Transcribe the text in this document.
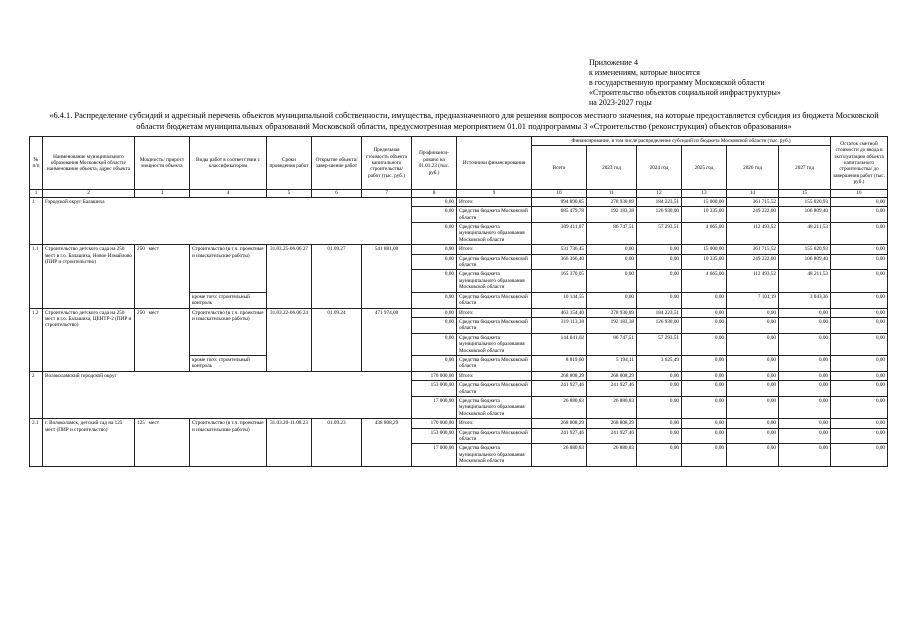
Приложение 4
к изменениям, которые вносятся
в государственную программу Московской области
«Строительство объектов социальной инфраструктуры»
на 2023-2027 годы
«6.4.1. Распределение субсидий и адресный перечень объектов муниципальной собственности, имущества, предназначенного для решения вопросов местного значения, на которые предоставляется субсидия из бюджета Московской области бюджетам муниципальных образований Московской области, предусмотренная мероприятием 01.01 подпрограммы 3 «Строительство (реконструкция) объектов образования»
№ п/п	Наименование муниципального образования Московской области/ наименование объекта, адрес объекта	Мощность/ прирост мощности объекта	Виды работ в соответствии с классификатором	Сроки проведения работ	Открытие объекта/завер-шение работ	Предельная стоимость объекта капитального строительства/ работ (тыс. руб.)	Профинанси-ровано на 01.01.23 (тыс. руб.)	Источники финансирования	Финансирование, в том числе распределение субсидий из бюджета Московской области (тыс. руб.)						Остаток сметной стоимости до ввода в эксплуатацию объекта капитального строительства/ до завершения работ (тыс. руб.)
									Всего	2023 год	2024 год	2025 год	2026 год	2027 год	
1	2	3	4	5	6	7	8	9	10	11	12	13	14	15	16
1	Городской округ Балашиха						0,00	Итого:	994 890,85	278 930,89	184 223,51	15 000,00	361 715,52	155 020,93	0,00
							0,00	Средства бюджета Московской области	685 479,78	192 183,38	126 930,00	10 335,00	249 222,00	106 809,40	0,00
							0,00	Средства бюджета муниципального образования Московской области	309 411,07	86 747,51	57 293,51	4 665,00	112 493,52	48 211,53	0,00
1.1	Строительство детского сада на 250 мест в г.о. Балашиха, Новое Измайлово (ПИР и строительство)	250 мест	Строительство (в т.ч. проектные и изыскательские работы)	31.03.25-06.06.27	01.09.27	541 881,00	0,00	Итого:	531 736,45	0,00	0,00	15 000,00	361 715,52	155 020,93	0,00
							0,00	Средства бюджета Московской области	366 366,40	0,00	0,00	10 335,00	249 222,00	106 809,40	0,00
							0,00	Средства бюджета муниципального образования Московской области	165 370,05	0,00	0,00	4 665,00	112 493,52	48 211,53	0,00
			кроме того: строительный контроль				0,00	Средства бюджета Московской области	10 144,55	0,00	0,00	0,00	7 101,19	3 043,36	0,00
1.2	Строительство детского сада на 250 мест в г.о. Балашиха, ЦЕНТР-2 (ПИР и строительство)	250 мест	Строительство (в т.ч. проектные и изыскательские работы)	31.03.22-06.06.24	01.09.24	471 974,00	0,00	Итого:	463 154,40	278 930,89	184 223,51	0,00	0,00	0,00	0,00
							0,00	Средства бюджета Московской области	319 113,38	192 183,38	126 930,00	0,00	0,00	0,00	0,00
							0,00	Средства бюджета муниципального образования Московской области	144 041,02	86 747,51	57 293,51	0,00	0,00	0,00	0,00
			кроме того: строительный контроль				0,00	Средства бюджета Московской области	8 819,60	5 194,11	3 625,49	0,00	0,00	0,00	0,00
2	Волоколамский городской округ						170 000,00	Итого:	268 808,29	268 808,29	0,00	0,00	0,00	0,00	0,00
							153 000,00	Средства бюджета Московской области	241 927,46	241 927,46	0,00	0,00	0,00	0,00	0,00
							17 000,00	Средства бюджета муниципального образования Московской области	26 880,83	26 880,83	0,00	0,00	0,00	0,00	0,00
2.1	г. Волоколамск, детский сад на 125 мест (ПИР и строительство)	125 мест	Строительство (в т.ч. проектные и изыскательские работы)	31.03.20-11.08.23	01.09.23	438 808,29	170 000,00	Итого:	268 808,29	268 808,29	0,00	0,00	0,00	0,00	0,00
							153 000,00	Средства бюджета Московской области	241 927,46	241 927,46	0,00	0,00	0,00	0,00	0,00
							17 000,00	Средства бюджета муниципального образования Московской области	26 880,83	26 880,83	0,00	0,00	0,00	0,00	0,00
